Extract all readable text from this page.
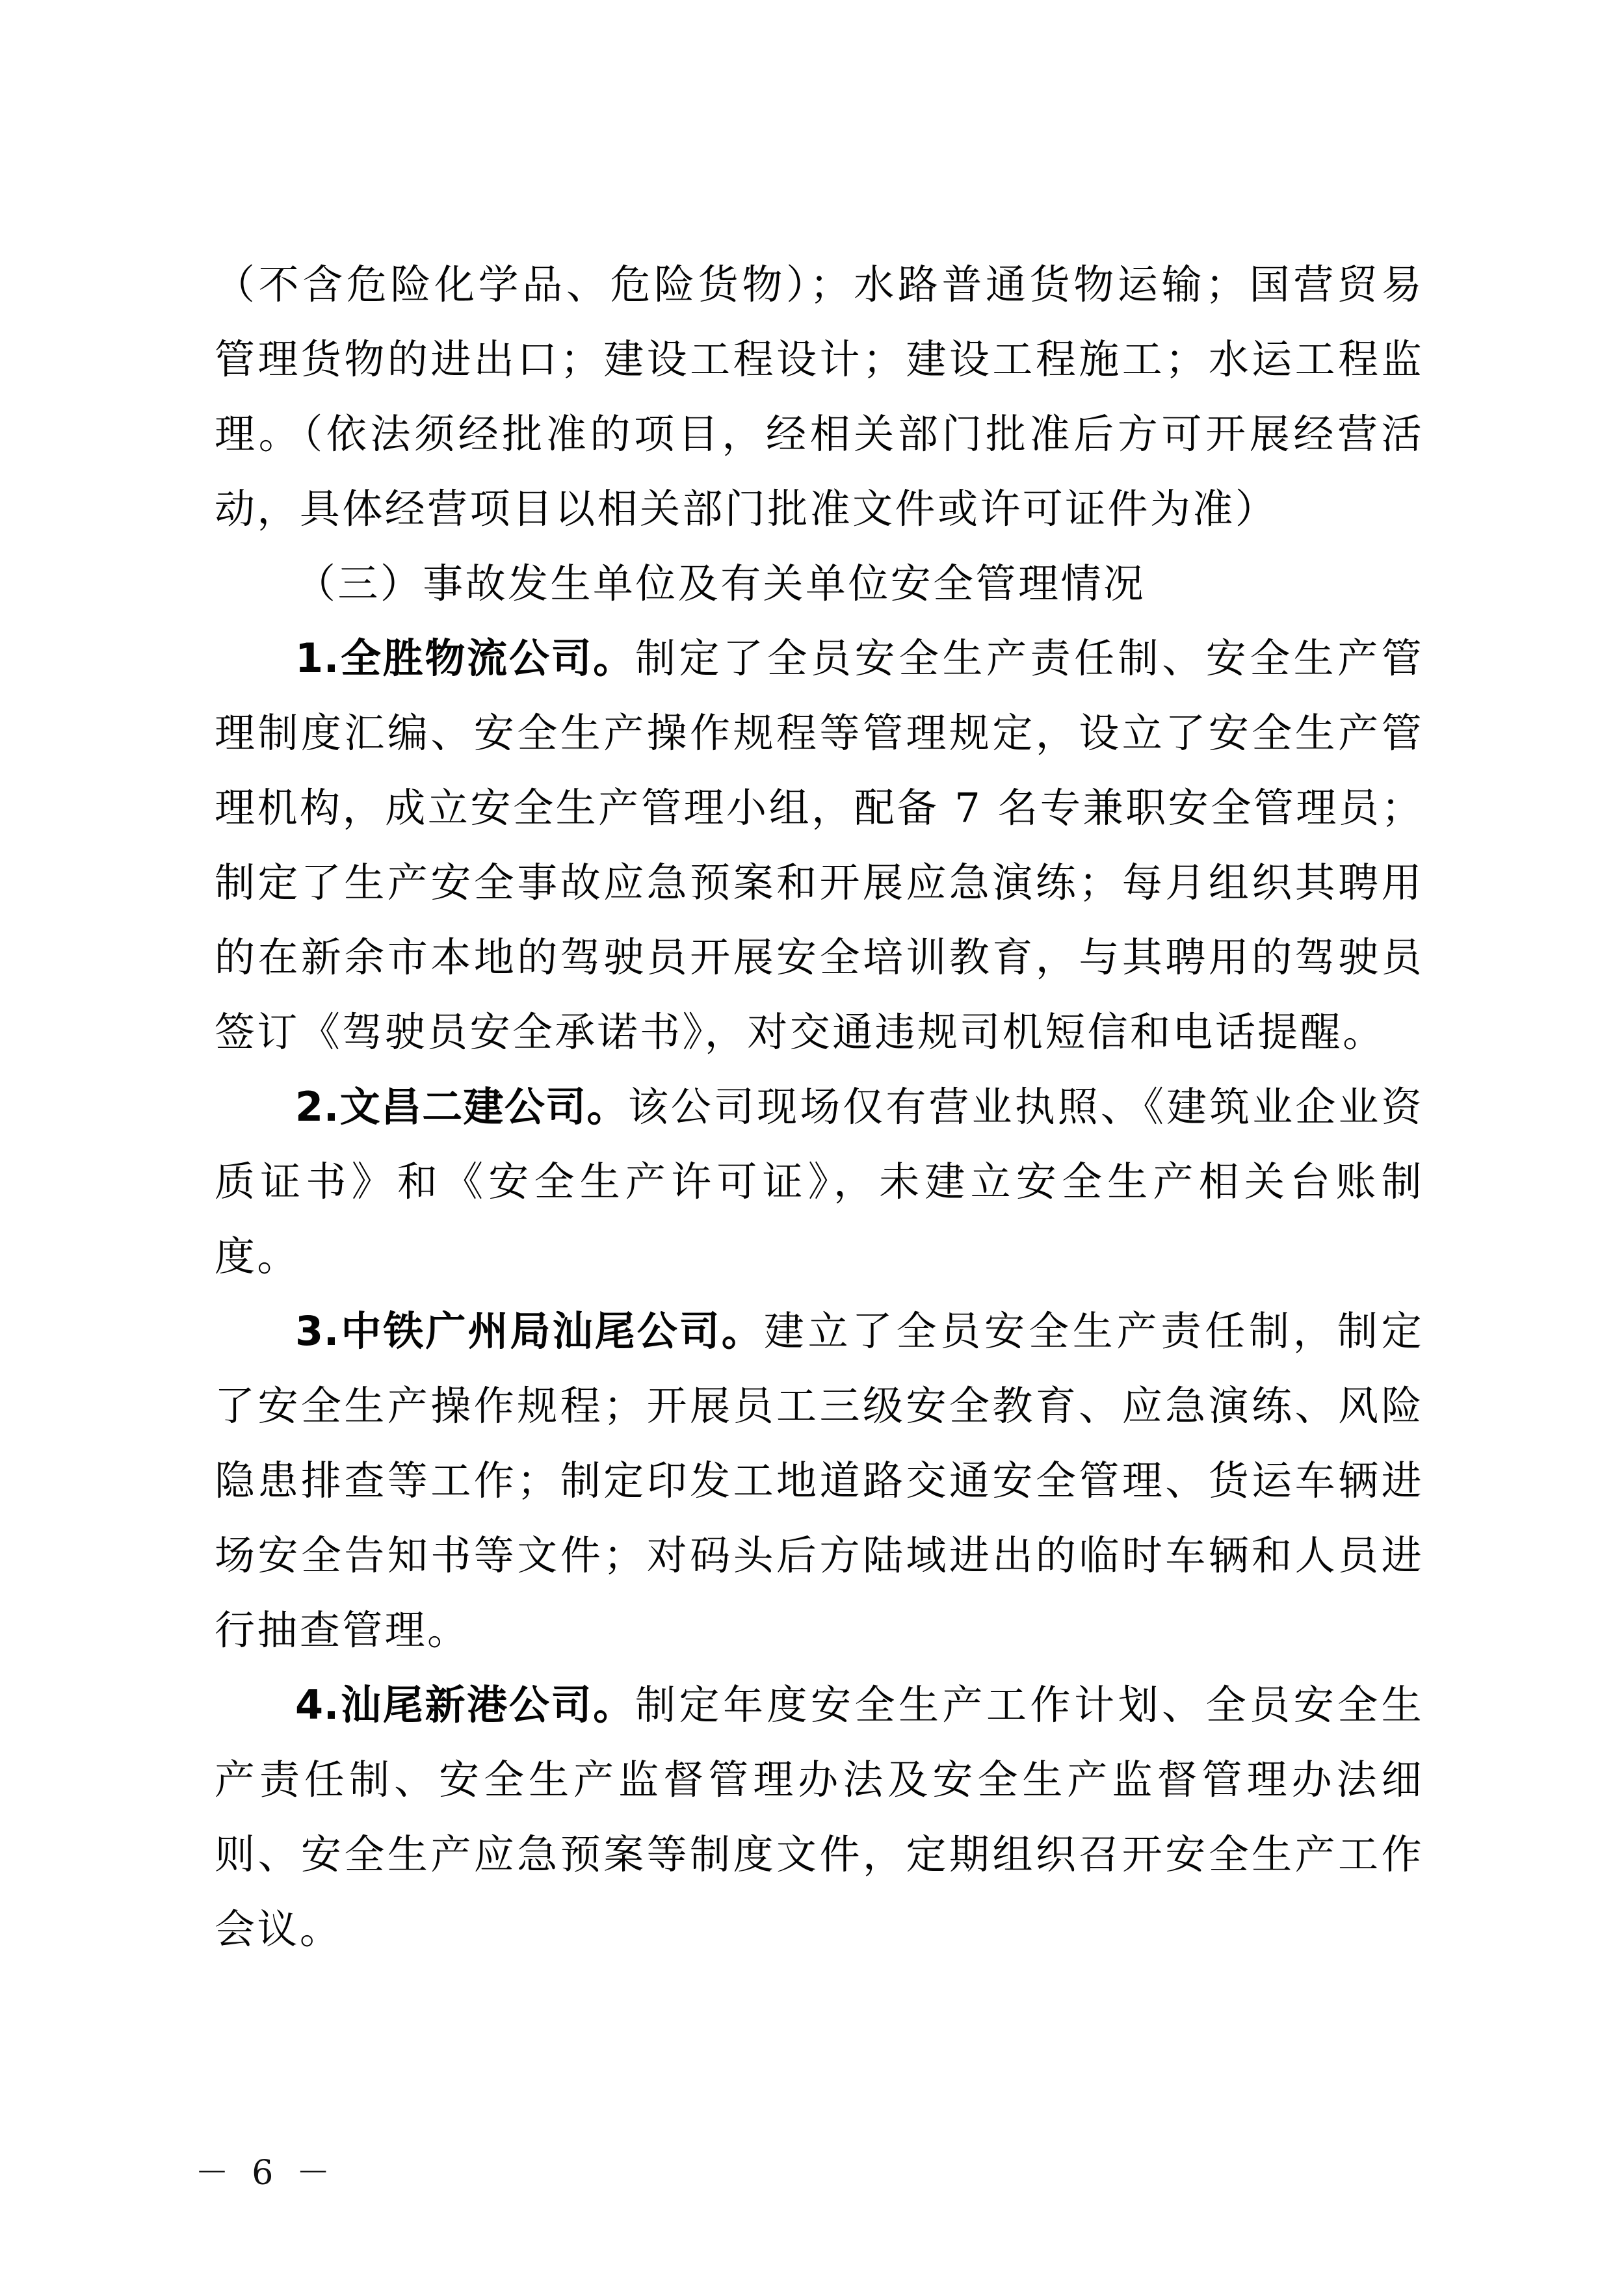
（不含危险化学品、危险货物）；水路普通货物运输；国营贸易管理货物的进出口；建设工程设计；建设工程施工；水运工程监理。（依法须经批准的项目，经相关部门批准后方可开展经营活动，具体经营项目以相关部门批准文件或许可证件为准）

（三）事故发生单位及有关单位安全管理情况

1.全胜物流公司。制定了全员安全生产责任制、安全生产管理制度汇编、安全生产操作规程等管理规定，设立了安全生产管理机构，成立安全生产管理小组，配备 7 名专兼职安全管理员；制定了生产安全事故应急预案和开展应急演练；每月组织其聘用的在新余市本地的驾驶员开展安全培训教育，与其聘用的驾驶员签订《驾驶员安全承诺书》，对交通违规司机短信和电话提醒。

2.文昌二建公司。该公司现场仅有营业执照、《建筑业企业资质证书》和《安全生产许可证》，未建立安全生产相关台账制度。

3.中铁广州局汕尾公司。建立了全员安全生产责任制，制定了安全生产操作规程；开展员工三级安全教育、应急演练、风险隐患排查等工作；制定印发工地道路交通安全管理、货运车辆进场安全告知书等文件；对码头后方陆域进出的临时车辆和人员进行抽查管理。

4.汕尾新港公司。制定年度安全生产工作计划、全员安全生产责任制、安全生产监督管理办法及安全生产监督管理办法细则、安全生产应急预案等制度文件，定期组织召开安全生产工作会议。

－ 6 －
